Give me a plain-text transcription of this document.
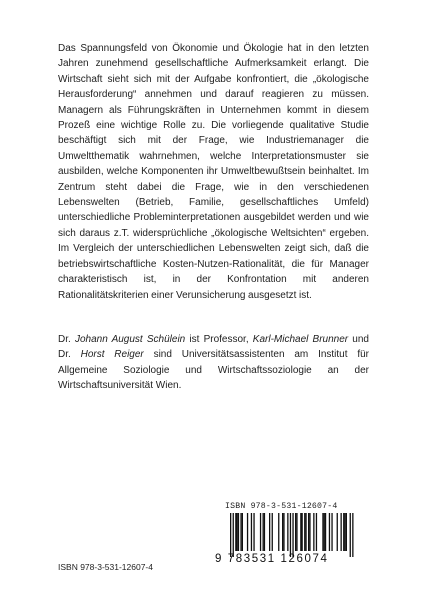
Das Spannungsfeld von Ökonomie und Ökologie hat in den letzten Jahren zunehmend gesellschaftliche Aufmerksamkeit erlangt. Die Wirtschaft sieht sich mit der Aufgabe konfrontiert, die „ökologische Herausforderung“ annehmen und darauf reagieren zu müssen. Managern als Führungskräften in Unternehmen kommt in diesem Prozeß eine wichtige Rolle zu. Die vorliegende qualitative Studie beschäftigt sich mit der Frage, wie Industriemanager die Umweltthematik wahrnehmen, welche Interpretationsmuster sie ausbilden, welche Komponenten ihr Umweltbewußtsein beinhaltet. Im Zentrum steht dabei die Frage, wie in den verschiedenen Lebenswelten (Betrieb, Familie, gesellschaftliches Umfeld) unterschiedliche Probleminterpretationen ausgebildet werden und wie sich daraus z.T. widersprüchliche „ökologische Weltsichten“ ergeben. Im Vergleich der unterschiedlichen Lebenswelten zeigt sich, daß die betriebswirtschaftliche Kosten-Nutzen-Rationalität, die für Manager charakteristisch ist, in der Konfrontation mit anderen Rationalitätskriterien einer Verunsicherung ausgesetzt ist.

Dr. Johann August Schülein ist Professor, Karl-Michael Brunner und Dr. Horst Reiger sind Universitätsassistenten am Institut für Allgemeine Soziologie und Wirtschaftssoziologie an der Wirtschaftsuniversität Wien.

ISBN 978-3-531-12607-4
9 783531 126074
ISBN 978-3-531-12607-4
